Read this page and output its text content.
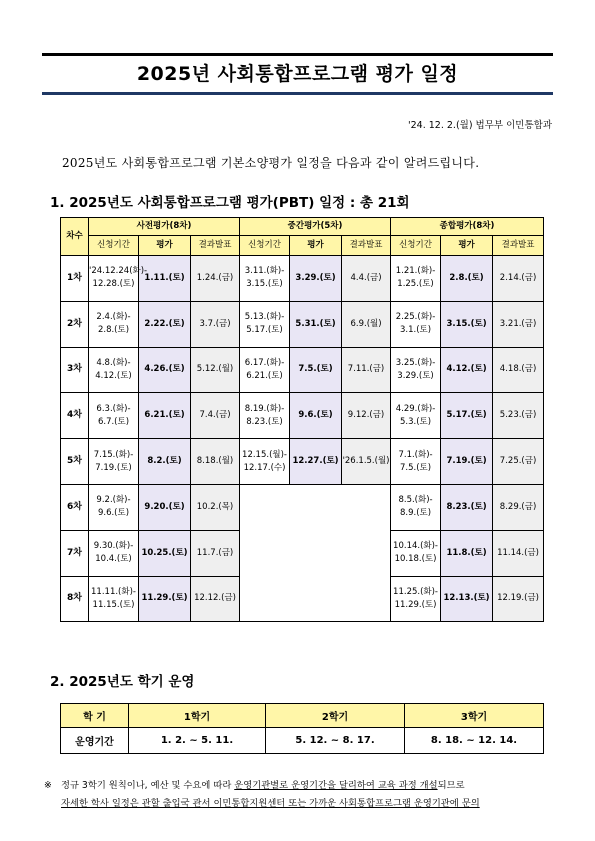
2025년 사회통합프로그램 평가 일정
'24. 12. 2.(월) 법무부 이민통합과
2025년도 사회통합프로그램 기본소양평가 일정을 다음과 같이 알려드립니다.
1. 2025년도 사회통합프로그램 평가(PBT) 일정 : 총 21회
차수	사전평가(8차)			중간평가(5차)			종합평가(8차)		
	신청기간	평가	결과발표	신청기간	평가	결과발표	신청기간	평가	결과발표
1차	'24.12.24(화)-
12.28.(토)	1.11.(토)	1.24.(금)	3.11.(화)-
3.15.(토)	3.29.(토)	4.4.(금)	1.21.(화)-
1.25.(토)	2.8.(토)	2.14.(금)
2차	2.4.(화)-
2.8.(토)	2.22.(토)	3.7.(금)	5.13.(화)-
5.17.(토)	5.31.(토)	6.9.(월)	2.25.(화)-
3.1.(토)	3.15.(토)	3.21.(금)
3차	4.8.(화)-
4.12.(토)	4.26.(토)	5.12.(월)	6.17.(화)-
6.21.(토)	7.5.(토)	7.11.(금)	3.25.(화)-
3.29.(토)	4.12.(토)	4.18.(금)
4차	6.3.(화)-
6.7.(토)	6.21.(토)	7.4.(금)	8.19.(화)-
8.23.(토)	9.6.(토)	9.12.(금)	4.29.(화)-
5.3.(토)	5.17.(토)	5.23.(금)
5차	7.15.(화)-
7.19.(토)	8.2.(토)	8.18.(월)	12.15.(월)-
12.17.(수)	12.27.(토)	'26.1.5.(월)	7.1.(화)-
7.5.(토)	7.19.(토)	7.25.(금)
6차	9.2.(화)-
9.6.(토)	9.20.(토)	10.2.(목)				8.5.(화)-
8.9.(토)	8.23.(토)	8.29.(금)
7차	9.30.(화)-
10.4.(토)	10.25.(토)	11.7.(금)				10.14.(화)-
10.18.(토)	11.8.(토)	11.14.(금)
8차	11.11.(화)-
11.15.(토)	11.29.(토)	12.12.(금)				11.25.(화)-
11.29.(토)	12.13.(토)	12.19.(금)
2. 2025년도 학기 운영
학 기	1학기	2학기	3학기
운영기간	1. 2. ~ 5. 11.	5. 12. ~ 8. 17.	8. 18. ~ 12. 14.
※ 정규 3학기 원칙이나, 예산 및 수요에 따라 운영기관별로 운영기간을 달리하여 교육 과정 개설되므로
자세한 학사 일정은 관할 출입국 관서 이민통합지원센터 또는 가까운 사회통합프로그램 운영기관에 문의
